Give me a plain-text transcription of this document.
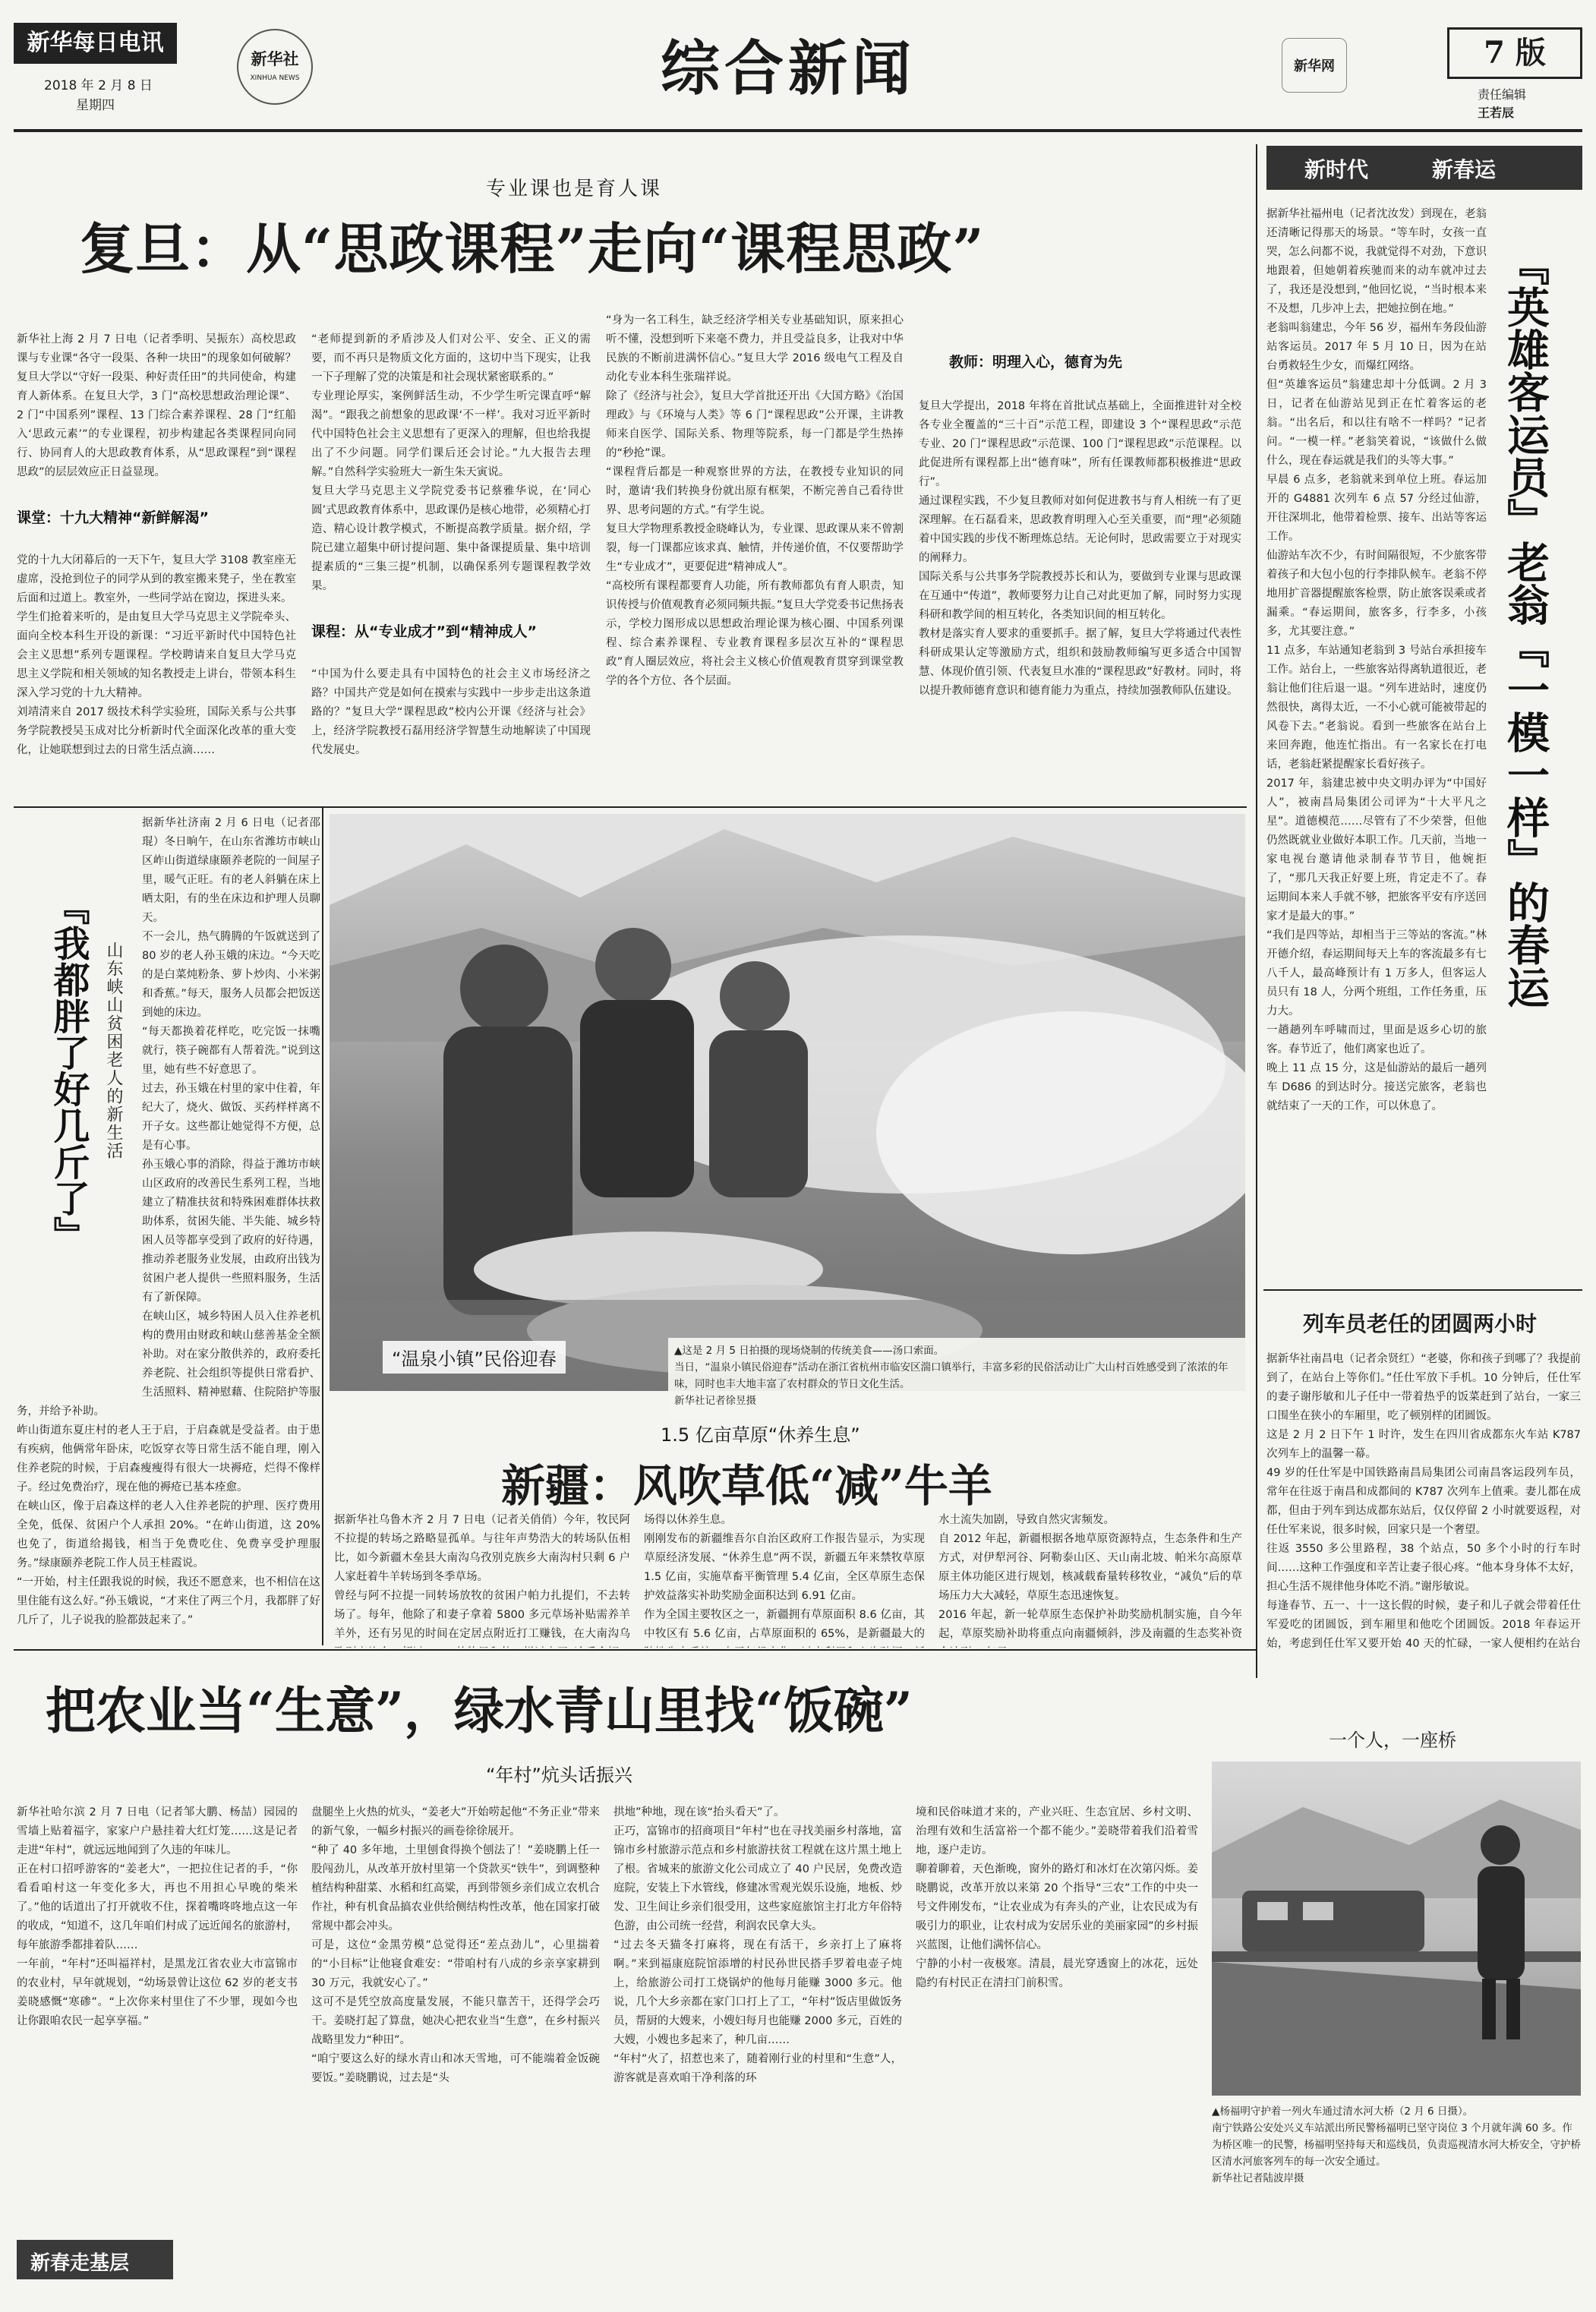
新华每日电讯
2018 年 2 月 8 日
星期四
新华社
XINHUA NEWS	综合新闻	新华网	7 版
责任编辑
王若辰
新时代	新春运
专业课也是育人课
复旦：从“思政课程”走向“课程思政”

新华社上海 2 月 7 日电（记者季明、吴振东）高校思政课与专业课“各守一段渠、各种一块田”的现象如何破解？复旦大学以“守好一段渠、种好责任田”的共同使命，构建育人新体系。在复旦大学，3 门“高校思想政治理论课”、2 门“中国系列”课程、13 门综合素养课程、28 门“红船入‘思政元素’”的专业课程，初步构建起各类课程同向同行、协同育人的大思政教育体系，从“思政课程”到“课程思政”的层层效应正日益显现。

课堂：十九大精神“新鲜解渴”

党的十九大闭幕后的一天下午，复旦大学 3108 教室座无虚席，没抢到位子的同学从到的教室搬来凳子，坐在教室后面和过道上。教室外，一些同学站在窗边，探进头来。
学生们抢着来听的，是由复旦大学马克思主义学院牵头、面向全校本科生开设的新课：“习近平新时代中国特色社会主义思想”系列专题课程。学校聘请来自复旦大学马克思主义学院和相关领域的知名教授走上讲台，带领本科生深入学习党的十九大精神。
刘靖清来自 2017 级技术科学实验班，国际关系与公共事务学院教授吴玉成对比分析新时代全面深化改革的重大变化，让她联想到过去的日常生活点滴……

“老师提到新的矛盾涉及人们对公平、安全、正义的需要，而不再只是物质文化方面的，这切中当下现实，让我一下子理解了党的决策是和社会现状紧密联系的。”
专业理论厚实，案例鲜活生动，不少学生听完课直呼“解渴”。“跟我之前想象的思政课‘不一样’。我对习近平新时代中国特色社会主义思想有了更深入的理解，但也给我提出了不少问题。同学们课后还会讨论。”九大报告去理解。”自然科学实验班大一新生朱天寅说。
复旦大学马克思主义学院党委书记蔡雅华说，在‘同心圆’式思政教育体系中，思政课仍是核心地带，必须精心打造、精心设计教学模式，不断提高教学质量。据介绍，学院已建立超集中研讨提问题、集中备课提质量、集中培训提素质的“三集三提”机制，以确保系列专题课程教学效果。

课程：从“专业成才”到“精神成人”

“中国为什么要走具有中国特色的社会主义市场经济之路？中国共产党是如何在摸索与实践中一步步走出这条道路的？”复旦大学“课程思政”校内公开课《经济与社会》上，经济学院教授石磊用经济学智慧生动地解读了中国现代发展史。

“身为一名工科生，缺乏经济学相关专业基础知识，原来担心听不懂，没想到听下来毫不费力，并且受益良多，让我对中华民族的不断前进满怀信心。”复旦大学 2016 级电气工程及自动化专业本科生张瑞祥说。
除了《经济与社会》，复旦大学首批还开出《大国方略》《治国理政》与《环境与人类》等 6 门“课程思政”公开课，主讲教师来自医学、国际关系、物理等院系，每一门都是学生热捧的“秒抢”课。
“课程背后都是一种观察世界的方法，在教授专业知识的同时，邀请‘我们转换身份就出原有框架，不断完善自己看待世界、思考问题的方式。”有学生说。
复旦大学物理系教授金晓峰认为，专业课、思政课从来不曾割裂，每一门课都应该求真、触情，并传递价值，不仅要帮助学生“专业成才”，更要促进“精神成人”。
“高校所有课程都要育人功能，所有教师都负有育人职责，知识传授与价值观教育必须同频共振。”复旦大学党委书记焦扬表示，学校力图形成以思想政治理论课为核心圈、中国系列课程、综合素养课程、专业教育课程多层次互补的“课程思政”育人圈层效应，将社会主义核心价值观教育贯穿到课堂教学的各个方位、各个层面。

教师：明理入心，德育为先

复旦大学提出，2018 年将在首批试点基础上，全面推进针对全校各专业全覆盖的“三十百”示范工程，即建设 3 个“课程思政”示范专业、20 门“课程思政”示范课、100 门“课程思政”示范课程。以此促进所有课程都上出“德育味”，所有任课教师都积极推进“思政行”。
通过课程实践，不少复旦教师对如何促进教书与育人相统一有了更深理解。在石磊看来，思政教育明理入心至关重要，而“理”必须随着中国实践的步伐不断理炼总结。无论何时，思政需要立于对现实的阐释力。
国际关系与公共事务学院教授苏长和认为，要做到专业课与思政课在互通中“传道”，教师要努力让自己对此更加了解，同时努力实现科研和教学间的相互转化，各类知识间的相互转化。
教材是落实育人要求的重要抓手。据了解，复旦大学将通过代表性科研成果认定等激励方式，组织和鼓励教师编写更多适合中国智慧、体现价值引领、代表复旦水准的“课程思政”好教材。同时，将以提升教师德育意识和德育能力为重点，持续加强教师队伍建设。

据新华社济南 2 月 6 日电（记者邵琨）冬日晌午，在山东省潍坊市峡山区岞山街道绿康颐养老院的一间屋子里，暖气正旺。有的老人斜躺在床上晒太阳，有的坐在床边和护理人员聊天。
不一会儿，热气腾腾的午饭就送到了 80 岁的老人孙玉娥的床边。“今天吃的是白菜炖粉条、萝卜炒肉、小米粥和香蕉。”每天，服务人员都会把饭送到她的床边。
“每天都换着花样吃，吃完饭一抹嘴就行，筷子碗都有人帮着洗。”说到这里，她有些不好意思了。
过去，孙玉娥在村里的家中住着，年纪大了，烧火、做饭、买药样样离不开子女。这些都让她觉得不方便，总是有心事。
孙玉娥心事的消除，得益于潍坊市峡山区政府的改善民生系列工程，当地建立了精准扶贫和特殊困难群体扶救助体系，贫困失能、半失能、城乡特困人员等都享受到了政府的好待遇，推动养老服务业发展，由政府出钱为贫困户老人提供一些照料服务，生活有了新保障。
在峡山区，城乡特困人员入住养老机构的费用由财政和峡山慈善基金全额补助。对在家分散供养的，政府委托养老院、社会组织等提供日常看护、生活照料、精神慰藉、住院陪护等服务，并给予补助。
岞山街道东夏庄村的老人王于启，于启森就是受益者。由于患有疾病，他俩常年卧床，吃饭穿衣等日常生活不能自理，刚入住养老院的时候，于启森瘦瘦得有很大一块褥疮，烂得不像样子。经过免费治疗，现在他的褥疮已基本痊愈。
在峡山区，像于启森这样的老人入住养老院的护理、医疗费用全免，低保、贫困户个人承担 20%。“在岞山街道，这 20% 也免了，街道给揭钱，相当于免费吃住、免费享受护理服务。”绿康颐养老院工作人员王桂霞说。
“一开始，村主任跟我说的时候，我还不愿意来，也不相信在这里住能有这么好。”孙玉娥说，“才来住了两三个月，我都胖了好几斤了，儿子说我的脸都鼓起来了。”
『我都胖了好几斤了』 山东峡山贫困老人的新生活
“温泉小镇”民俗迎春	▲这是 2 月 5 日拍摄的现场烧制的传统美食——汤口索面。
当日，“温泉小镇民俗迎春”活动在浙江省杭州市临安区湍口镇举行，丰富多彩的民俗活动让广大山村百姓感受到了浓浓的年味，同时也丰大地丰富了农村群众的节日文化生活。
新华社记者徐昱摄
1.5 亿亩草原“休养生息”
新疆：风吹草低“减”牛羊
据新华社乌鲁木齐 2 月 7 日电（记者关俏俏）今年，牧民阿不拉提的转场之路略显孤单。与往年声势浩大的转场队伍相比，如今新疆木垒县大南沟乌孜别克族乡大南沟村只剩 6 户人家赶着牛羊转场到冬季草场。
曾经与阿不拉提一同转场放牧的贫困户帕力扎提们，不去转场了。每年，他除了和妻子拿着 5800 多元草场补贴需养羊羊外，还有另见的时间在定居点附近打工赚钱，在大南沟乌
场得以休养生息。
刚刚发布的新疆维吾尔自治区政府工作报告显示，为实现草原经济发展、“休养生息”两不误，新疆五年来禁牧草原 1.5 亿亩，实施草畜平衡管理 5.4 亿亩，全区草原生态保护效益落实补助奖励金面积达到 6.91 亿亩。
作为全国主要牧区之一，新疆拥有草原面积 8.6 亿亩，其中牧区有 5.6 亿亩，占草原面积的 65%，是新疆最大的
水土流失加剧，导致自然灾害频发。
自 2012 年起，新疆根据各地草原资源特点，生态条件和生产方式，对伊犁河谷、阿勒泰山区、天山南北坡、帕米尔高原草原主体功能区进行规划，核减载畜量转移牧业，“减负”后的草场压力大大减轻，草原生态迅速恢复。
2016 年起，新一轮草原生态保护补助奖励机制实施，自今年起，草原奖励补助将重点向南疆倾斜，涉及南疆的生态奖补资
据新华社福州电（记者沈汝发）到现在，老翁还清晰记得那天的场景。“等车时，女孩一直哭，怎么问都不说，我就觉得不对劲，下意识地跟着，但她朝着疾驰而来的动车就冲过去了，我还是没想到，”他回忆说，“当时根本来不及想，几步冲上去，把她拉倒在地。”
老翁叫翁建忠，今年 56 岁，福州车务段仙游站客运员。2017 年 5 月 10 日，因为在站台勇救轻生少女，而爆红网络。
但“英雄客运员”翁建忠却十分低调。2 月 3 日，记者在仙游站见到正在忙着客运的老翁。“出名后，和以往有啥不一样吗？”记者问。“一模一样。”老翁笑着说，“该做什么做什么，现在春运就是我们的头等大事。”
早晨 6 点多，老翁就来到单位上班。春运加开的 G4881 次列车 6 点 57 分经过仙游，开往深圳北，他带着检票、接车、出站等客运工作。
仙游站车次不少，有时间隔很短，不少旅客带着孩子和大包小包的行李排队候车。老翁不停地用扩音器提醒旅客检票，防止旅客误乘或者漏乘。“春运期间，旅客多，行李多，小孩多，尤其要注意。”
11 点多，车站通知老翁到 3 号站台承担接车工作。站台上，一些旅客站得离轨道很近，老翁让他们往后退一退。“列车进站时，速度仍然很快，离得太近，一不小心就可能被带起的风卷下去。”老翁说。看到一些旅客在站台上来回奔跑，他连忙指出。有一名家长在打电话，老翁赶紧提醒家长看好孩子。
2017 年，翁建忠被中央文明办评为“中国好人”，被南昌局集团公司评为“十大平凡之星”。道德模范……尽管有了不少荣誉，但他仍然既就业业做好本职工作。几天前，当地一家电视台邀请他录制春节节目，他婉拒了，“那几天我正好要上班，肯定走不了。春运期间本来人手就不够，把旅客平安有序送回家才是最大的事。”
“我们是四等站，却相当于三等站的客流。”林开德介绍，春运期间每天上车的客流最多有七八千人，最高峰预计有 1 万多人，但客运人员只有 18 人，分两个班组，工作任务重，压力大。
一趟趟列车呼啸而过，里面是返乡心切的旅客。春节近了，他们离家也近了。
晚上 11 点 15 分，这是仙游站的最后一趟列车 D686 的到达时分。接送完旅客，老翁也就结束了一天的工作，可以休息了。
『英雄客运员』老翁『一模一样』的春运
列车员老任的团圆两小时
据新华社南昌电（记者余贤红）“老婆，你和孩子到哪了？我提前到了，在站台上等你们。”任仕军放下手机。10 分钟后，任仕军的妻子谢彤敏和儿子任中一带着热乎的饭菜赶到了站台，一家三口围坐在狭小的车厢里，吃了顿别样的团圆饭。
这是 2 月 2 日下午 1 时许，发生在四川省成都东火车站 K787 次列车上的温馨一幕。
49 岁的任仕军是中国铁路南昌局集团公司南昌客运段列车员，常年在往返于南昌和成都间的 K787 次列车上值乘。妻儿都在成都，但由于列车到达成都东站后，仅仅停留 2 小时就要返程，对任仕军来说，很多时候，回家只是一个奢望。
往返 3550 多公里路程，38 个站点，50 多个小时的行车时间……这种工作强度和辛苦让妻子很心疼。“他本身身体不太好，担心生活不规律他身体吃不消。”谢彤敏说。
每逢春节、五一、十一这长假的时候，妻子和儿子就会带着任仕军爱吃的团圆饭，到车厢里和他吃个团圆饭。2018 年春运开始，考虑到任仕军又要开始 40 天的忙碌，一家人便相约在站台

把农业当“生意”，绿水青山里找“饭碗”
“年村”炕头话振兴
新华社哈尔滨 2 月 7 日电（记者邹大鹏、杨喆）园园的雪墙上贴着福字，家家户户悬挂着大红灯笼……这是记者走进“年村”，就远远地闻到了久违的年味儿。
正在村口招呼游客的“姜老大”，一把拉住记者的手，“你看看咱村这一年变化多大，再也不用担心早晚的柴米了。”他的话道出了打开就收不住，探着嘴咚咚地点这一年的收成，“知道不，这几年咱们村成了远近闻名的旅游村，每年旅游季都排着队……
一年前，“年村”还叫福祥村，是黑龙江省农业大市富锦市的农业村，早年就规划，“幼场景曾让这位 62 岁的老支书姜晓感慨“寒碜”。“上次你来村里住了不少罪，现如今也让你跟咱农民一起享享福。”
新春走基层
盘腿坐上火热的炕头，“姜老大”开始唠起他“不务正业”带来的新气象，一幅乡村振兴的画卷徐徐展开。
“种了 40 多年地，土里刨食得换个刨法了！”姜晓鹏上任一股闯劲儿，从改革开放村里第一个贷款买“铁牛”，到调整种植结构种甜菜、水稻和红高粱，再到带领乡亲们成立农机合作社，种有机食品搞农业供给侧结构性改革，他在国家打破常规中都会冲头。
可是，这位“金黑劳模”总觉得还“差点劲儿”，心里揣着的“小目标”让他寝食难安：“带咱村有八成的乡亲享家耕到 30 万元，我就安心了。”
这可不是凭空放高度量发展，不能只靠苦干，还得学会巧干。姜晓打起了算盘，她决心把农业当“生意”，在乡村振兴战略里发力“种田”。
“咱宁要这么好的绿水青山和冰天雪地，可不能端着金饭碗要饭。”姜晓鹏说，过去是“头
拱地”种地，现在该“抬头看天”了。
正巧，富锦市的招商项目“年村”也在寻找美丽乡村落地，富锦市乡村旅游示范点和乡村旅游扶贫工程就在这片黑土地上了根。省城来的旅游文化公司成立了 40 户民居，免费改造庭院，安装上下水管线，修建冰雪观光娱乐设施，地板、炒发、卫生间让乡亲们很受用，这些家庭旅馆主打北方年俗特色游，由公司统一经营，利润农民拿大头。
“过去冬天猫冬打麻将，现在有活干，乡亲打上了麻将啊。”来到福康庭院馆添增的村民孙世民搭手罗着电壶子炖上，给旅游公司打工烧锅炉的他每月能赚 3000 多元。他说，几个大乡亲都在家门口打上了工，“年村”饭店里做饭务员，帮厨的大嫂来，小嫂妇每月也能赚 2000 多元，百姓的大嫂，小嫂也多起来了，种几亩……
“年村”火了，招惹也来了，随着刚行业的村里和“生意”人，游客就是喜欢咱干净利落的环
境和民俗味道才来的，产业兴旺、生态宜居、乡村文明、治理有效和生活富裕一个都不能少。”姜晓带着我们沿着雪地，逐户走访。
聊着聊着，天色渐晚，窗外的路灯和冰灯在次第闪烁。姜晓鹏说，改革开放以来第 20 个指导“三农”工作的中央一号文件刚发布，“让农业成为有奔头的产业，让农民成为有吸引力的职业，让农村成为安居乐业的美丽家园”的乡村振兴蓝图，让他们满怀信心。
宁静的小村一夜极寒。清晨，晨光穿透窗上的冰花，远处隐约有村民正在清扫门前积雪。
一个人，一座桥
▲杨福明守护着一列火车通过清水河大桥（2 月 6 日摄）。
南宁铁路公安处兴义车站派出所民警杨福明已坚守岗位 3 个月就年满 60 多。作为桥区唯一的民警，杨福明坚持每天和巡线员，负责巡视清水河大桥安全，守护桥区清水河旅客列车的每一次安全通过。
新华社记者陆波岸摄
